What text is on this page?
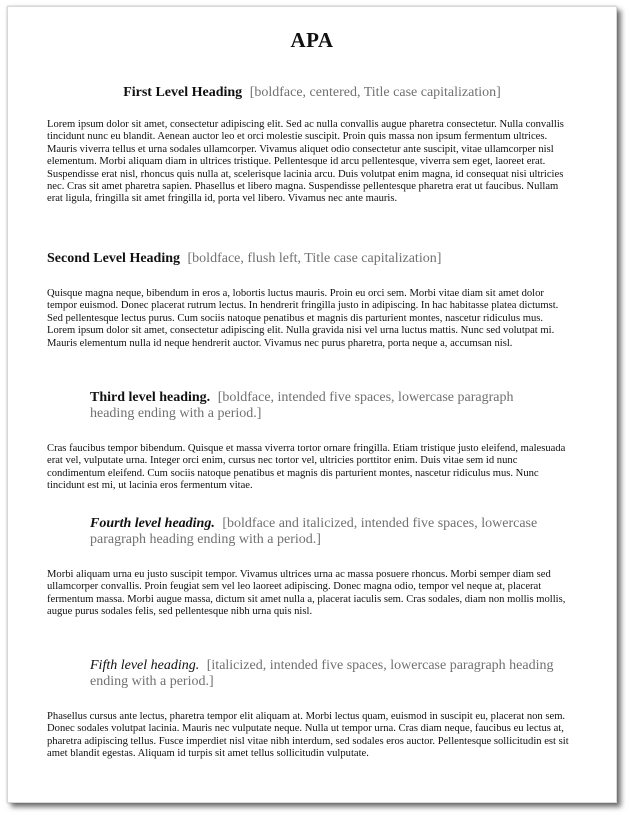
APA
First Level Heading [boldface, centered, Title case capitalization]

Lorem ipsum dolor sit amet, consectetur adipiscing elit. Sed ac nulla convallis augue pharetra consectetur. Nulla convallis tincidunt nunc eu blandit. Aenean auctor leo et orci molestie suscipit. Proin quis massa non ipsum fermentum ultrices. Mauris viverra tellus et urna sodales ullamcorper. Vivamus aliquet odio consectetur ante suscipit, vitae ullamcorper nisl elementum. Morbi aliquam diam in ultrices tristique. Pellentesque id arcu pellentesque, viverra sem eget, laoreet erat. Suspendisse erat nisl, rhoncus quis nulla at, scelerisque lacinia arcu. Duis volutpat enim magna, id consequat nisi ultricies nec. Cras sit amet pharetra sapien. Phasellus et libero magna. Suspendisse pellentesque pharetra erat ut faucibus. Nullam erat ligula, fringilla sit amet fringilla id, porta vel libero. Vivamus nec ante mauris.

Second Level Heading [boldface, flush left, Title case capitalization]

Quisque magna neque, bibendum in eros a, lobortis luctus mauris. Proin eu orci sem. Morbi vitae diam sit amet dolor tempor euismod. Donec placerat rutrum lectus. In hendrerit fringilla justo in adipiscing. In hac habitasse platea dictumst. Sed pellentesque lectus purus. Cum sociis natoque penatibus et magnis dis parturient montes, nascetur ridiculus mus. Lorem ipsum dolor sit amet, consectetur adipiscing elit. Nulla gravida nisi vel urna luctus mattis. Nunc sed volutpat mi. Mauris elementum nulla id neque hendrerit auctor. Vivamus nec purus pharetra, porta neque a, accumsan nisl.

Third level heading. [boldface, intended five spaces, lowercase paragraph heading ending with a period.]

Cras faucibus tempor bibendum. Quisque et massa viverra tortor ornare fringilla. Etiam tristique justo eleifend, malesuada erat vel, vulputate urna. Integer orci enim, cursus nec tortor vel, ultricies porttitor enim. Duis vitae sem id nunc condimentum eleifend. Cum sociis natoque penatibus et magnis dis parturient montes, nascetur ridiculus mus. Nunc tincidunt est mi, ut lacinia eros fermentum vitae.

Fourth level heading. [boldface and italicized, intended five spaces, lowercase paragraph heading ending with a period.]

Morbi aliquam urna eu justo suscipit tempor. Vivamus ultrices urna ac massa posuere rhoncus. Morbi semper diam sed ullamcorper convallis. Proin feugiat sem vel leo laoreet adipiscing. Donec magna odio, tempor vel neque at, placerat fermentum massa. Morbi augue massa, dictum sit amet nulla a, placerat iaculis sem. Cras sodales, diam non mollis mollis, augue purus sodales felis, sed pellentesque nibh urna quis nisl.

Fifth level heading. [italicized, intended five spaces, lowercase paragraph heading ending with a period.]

Phasellus cursus ante lectus, pharetra tempor elit aliquam at. Morbi lectus quam, euismod in suscipit eu, placerat non sem. Donec sodales volutpat lacinia. Mauris nec vulputate neque. Nulla ut tempor urna. Cras diam neque, faucibus eu lectus at, pharetra adipiscing tellus. Fusce imperdiet nisl vitae nibh interdum, sed sodales eros auctor. Pellentesque sollicitudin est sit amet blandit egestas. Aliquam id turpis sit amet tellus sollicitudin vulputate.
